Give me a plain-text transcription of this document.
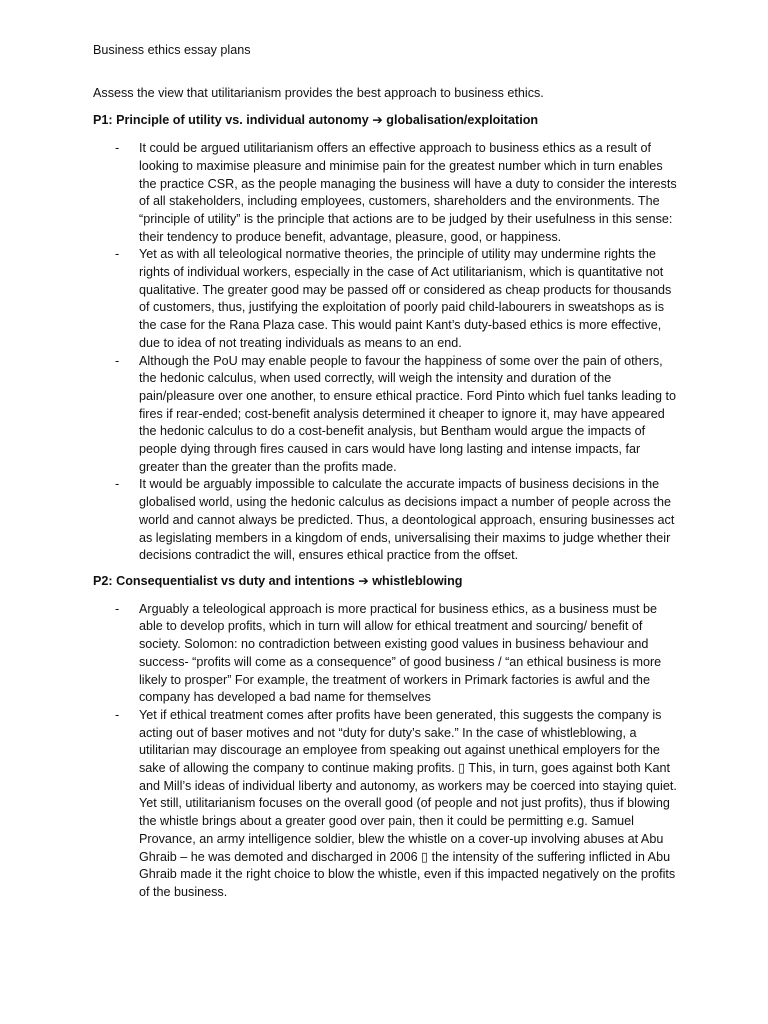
Business ethics essay plans
Assess the view that utilitarianism provides the best approach to business ethics.
P1: Principle of utility vs. individual autonomy ➔ globalisation/exploitation
- It could be argued utilitarianism offers an effective approach to business ethics as a result of looking to maximise pleasure and minimise pain for the greatest number which in turn enables the practice CSR, as the people managing the business will have a duty to consider the interests of all stakeholders, including employees, customers, shareholders and the environments. The “principle of utility” is the principle that actions are to be judged by their usefulness in this sense: their tendency to produce benefit, advantage, pleasure, good, or happiness.
- Yet as with all teleological normative theories, the principle of utility may undermine rights the rights of individual workers, especially in the case of Act utilitarianism, which is quantitative not qualitative. The greater good may be passed off or considered as cheap products for thousands of customers, thus, justifying the exploitation of poorly paid child-labourers in sweatshops as is the case for the Rana Plaza case. This would paint Kant’s duty-based ethics is more effective, due to idea of not treating individuals as means to an end.
- Although the PoU may enable people to favour the happiness of some over the pain of others, the hedonic calculus, when used correctly, will weigh the intensity and duration of the pain/pleasure over one another, to ensure ethical practice. Ford Pinto which fuel tanks leading to fires if rear-ended; cost-benefit analysis determined it cheaper to ignore it, may have appeared the hedonic calculus to do a cost-benefit analysis, but Bentham would argue the impacts of people dying through fires caused in cars would have long lasting and intense impacts, far greater than the greater than the profits made.
- It would be arguably impossible to calculate the accurate impacts of business decisions in the globalised world, using the hedonic calculus as decisions impact a number of people across the world and cannot always be predicted. Thus, a deontological approach, ensuring businesses act as legislating members in a kingdom of ends, universalising their maxims to judge whether their decisions contradict the will, ensures ethical practice from the offset.
P2: Consequentialist vs duty and intentions ➔ whistleblowing
- Arguably a teleological approach is more practical for business ethics, as a business must be able to develop profits, which in turn will allow for ethical treatment and sourcing/ benefit of society. Solomon: no contradiction between existing good values in business behaviour and success- “profits will come as a consequence” of good business / “an ethical business is more likely to prosper” For example, the treatment of workers in Primark factories is awful and the company has developed a bad name for themselves
- Yet if ethical treatment comes after profits have been generated, this suggests the company is acting out of baser motives and not “duty for duty’s sake.” In the case of whistleblowing, a utilitarian may discourage an employee from speaking out against unethical employers for the sake of allowing the company to continue making profits. ▯ This, in turn, goes against both Kant and Mill’s ideas of individual liberty and autonomy, as workers may be coerced into staying quiet. Yet still, utilitarianism focuses on the overall good (of people and not just profits), thus if blowing the whistle brings about a greater good over pain, then it could be permitting e.g. Samuel Provance, an army intelligence soldier, blew the whistle on a cover-up involving abuses at Abu Ghraib – he was demoted and discharged in 2006 ▯ the intensity of the suffering inflicted in Abu Ghraib made it the right choice to blow the whistle, even if this impacted negatively on the profits of the business.
